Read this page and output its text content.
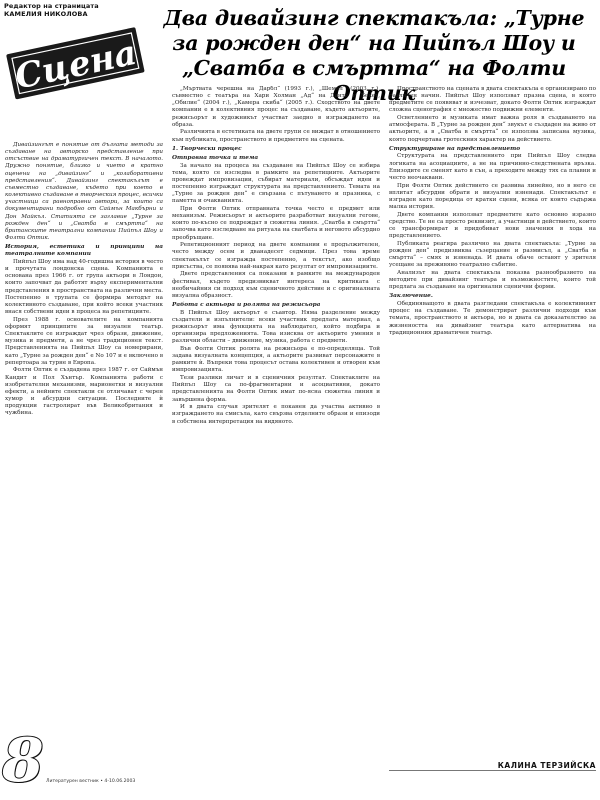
Редактор на страницата
КАМЕЛИЯ НИКОЛОВА
Сцена
Два дивайзинг спектакъла: „Турне за рожден ден“ на Пийпъл Шоу и „Сватба в смъртта“ на Фолти Оптик

Дивайзингът е понятие от дългата методи за създаване на авторско представление при отсъствие на драматургичен текст. В началото. Дружно понятие, близко и чието в кратно оценени на „дивайзинг“ и „колаборативни представления“. Дивайзинг спектакълът е съвместно създаване, където при което в колективно създаване в творческия процес, всички участници са равноправни автори, за които са документирани подробно от Саймън Макбърни и Дон Майкъл. Статията се заглавие „Турне за рожден ден“ и „Сватба в смъртта“ на британските театрални компании Пийпъл Шоу и Фолти Оптик.

История, естетика и принципи на театралните компании

Пийпъл Шоу има над 40-годишна история в често и прочутата лондонска сцена. Компанията е основана през 1966 г. от група актьори в Лондон, които започват да работят върху експериментални представления в пространствата на различни места. Постепенно в трупата се формира методът на колективното създаване, при който всеки участник внася собствени идеи в процеса на репетициите.

През 1988 г. основателите на компанията оформят принципите за визуален театър. Спектаклите се изграждат чрез образи, движение, музика и предмети, а не чрез традиционен текст. Представленията на Пийпъл Шоу са номерирани, като „Турне за рожден ден“ е No 107 и е включено в репертоара за турне в Европа.

Фолти Оптик е създадена през 1987 г. от Саймън Кандит и Пол Хънтър. Компанията работи с изобретателни механизми, марионетки и визуални ефекти, а нейните спектакли се отличават с черен хумор и абсурдни ситуации. Последните ѝ продукции гастролират във Великобритания и чужбина.

„Мъртвата черешна на Дарбл“ (1993 г.), „Шемал“ (2003 г.), съвместно с театъра на Хари Холман „Ад“ на Данте и Бекет, „Обилие“ (2004 г.), „Камера скиба“ (2005 г.). Сходството на двете компании е в колективния процес на създаване, където актьорите, режисьорът и художникът участват заедно в изграждането на образа.

Различията в естетиката на двете групи се виждат в отношението към публиката, пространството и предметите на сцената.

1. Творчески процес

Отправна точка и тема

За начало на процеса на създаване на Пийпъл Шоу се избира тема, която се изследва в рамките на репетициите. Актьорите провеждат импровизации, събират материали, обсъждат идеи и постепенно изграждат структурата на представлението. Темата на „Турне за рожден ден“ е свързана с пътуването и празника, с паметта и очакванията.

При Фолти Оптик отправната точка често е предмет или механизъм. Режисьорът и актьорите разработват визуални гегове, които по-късно се подреждат в сюжетна линия. „Сватба в смъртта“ започва като изследване на ритуала на сватбата и неговото абсурдно преобръщане.

Репетиционният период на двете компании е продължителен, често между осем и дванадесет седмици. През това време спектакълът се изгражда постепенно, а текстът, ако изобщо присъства, се появява най-накрая като резултат от импровизациите.

Двете представления са показани в рамките на международен фестивал, където предизвикват интереса на критиката с необичайния си подход към сценичното действие и с оригиналната визуална образност.

Работа с актьора и ролята на режисьора

В Пийпъл Шоу актьорът е съавтор. Няма разделение между създатели и изпълнители: всеки участник предлага материал, а режисьорът има функцията на наблюдател, който подбира и организира предложенията. Това изисква от актьорите умения в различни области – движение, музика, работа с предмети.

Във Фолти Оптик ролята на режисьора е по-определяща. Той задава визуалната концепция, а актьорите развиват персонажите в рамките ѝ. Въпреки това процесът остава колективен и отворен към импровизацията.

Тези разлики личат и в сценичния резултат. Спектаклите на Пийпъл Шоу са по-фрагментарни и асоциативни, докато представленията на Фолти Оптик имат по-ясна сюжетна линия и завършена форма.

И в двата случая зрителят е поканен да участва активно в изграждането на смисъла, като свързва отделните образи и епизоди в собствена интерпретация на видяното.

Пространството на сцената в двата спектакъла е организирано по различен начин. Пийпъл Шоу използват празна сцена, в която предметите се появяват и изчезват, докато Фолти Оптик изграждат сложна сценография с множество подвижни елементи.

Осветлението и музиката имат важна роля в създаването на атмосферата. В „Турне за рожден ден“ звукът е създаден на живо от актьорите, а в „Сватба в смъртта“ се използва записана музика, която подчертава гротескния характер на действието.

Структуриране на представлението

Структурата на представлението при Пийпъл Шоу следва логиката на асоциациите, а не на причинно-следствената връзка. Епизодите се сменят като в сън, а преходите между тях са плавни и често неочаквани.

При Фолти Оптик действието се развива линейно, но в него се вплитат абсурдни обрати и визуални изненади. Спектакълът е изграден като поредица от кратки сцени, всяка от които съдържа малка история.

Двете компании използват предметите като основно изразно средство. Те не са просто реквизит, а участници в действието, които се трансформират и придобиват нови значения в хода на представлението.

Публиката реагира различно на двата спектакъла: „Турне за рожден ден“ предизвиква съзерцание и размисъл, а „Сватба в смъртта“ – смях и изненада. И двата обаче оставят у зрителя усещане за преживяно театрално събитие.

Анализът на двата спектакъла показва разнообразието на методите при дивайзинг театъра и възможностите, които той предлага за създаване на оригинални сценични форми.

Заключение.

Обединяващото в двата разгледани спектакъла е колективният процес на създаване. Те демонстрират различни подходи към темата, пространството и актьора, но и двата са доказателство за жизнеността на дивайзинг театъра като алтернатива на традиционния драматичен театър.

КАЛИНА ТЕРЗИЙСКА
8 Литературен вестник • 4-10.06.2003
